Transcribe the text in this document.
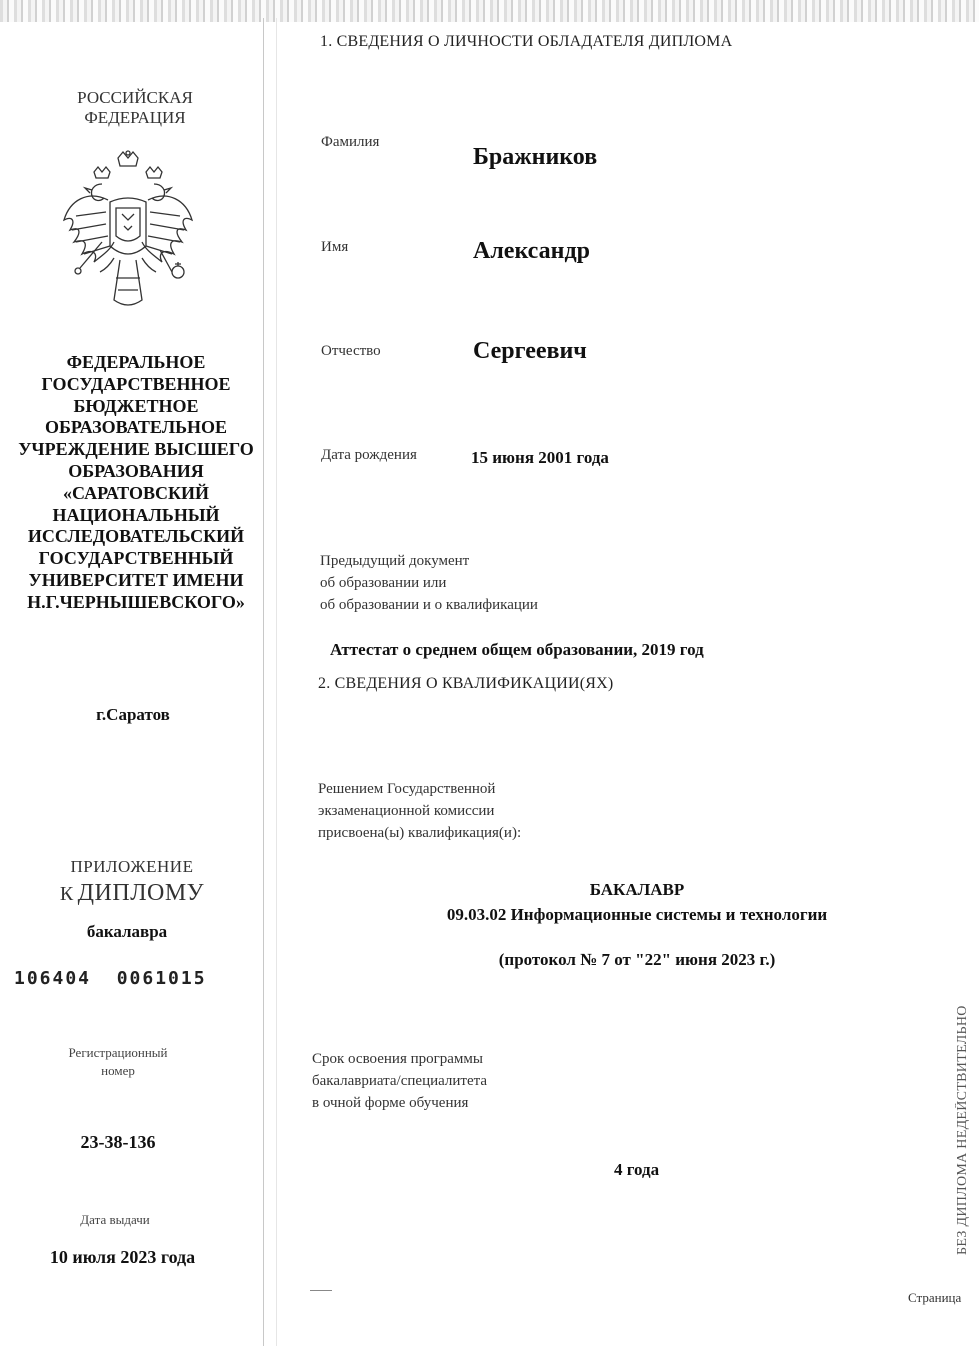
РОССИЙСКАЯ
ФЕДЕРАЦИЯ
ФЕДЕРАЛЬНОЕ
ГОСУДАРСТВЕННОЕ
БЮДЖЕТНОЕ
ОБРАЗОВАТЕЛЬНОЕ
УЧРЕЖДЕНИЕ ВЫСШЕГО
ОБРАЗОВАНИЯ
«САРАТОВСКИЙ
НАЦИОНАЛЬНЫЙ
ИССЛЕДОВАТЕЛЬСКИЙ
ГОСУДАРСТВЕННЫЙ
УНИВЕРСИТЕТ ИМЕНИ
Н.Г.ЧЕРНЫШЕВСКОГО»
г.Саратов
ПРИЛОЖЕНИЕ
К ДИПЛОМУ
бакалавра
106404  0061015
Регистрационный
номер
23-38-136
Дата выдачи
10 июля 2023 года
1. СВЕДЕНИЯ О ЛИЧНОСТИ ОБЛАДАТЕЛЯ ДИПЛОМА
Фамилия
Бражников
Имя	Александр
Отчество	Сергеевич
Дата рождения	15 июня 2001 года
Предыдущий документ
об образовании или
об образовании и о квалификации
Аттестат о среднем общем образовании, 2019 год
2. СВЕДЕНИЯ О КВАЛИФИКАЦИИ(ЯХ)
Решением Государственной
экзаменационной комиссии
присвоена(ы) квалификация(и):
БАКАЛАВР
09.03.02 Информационные системы и технологии
(протокол № 7 от "22" июня 2023 г.)
Срок освоения программы
бакалавриата/специалитета
в очной форме обучения
4 года	БЕЗ ДИПЛОМА НЕДЕЙСТВИТЕЛЬНО
Страница
